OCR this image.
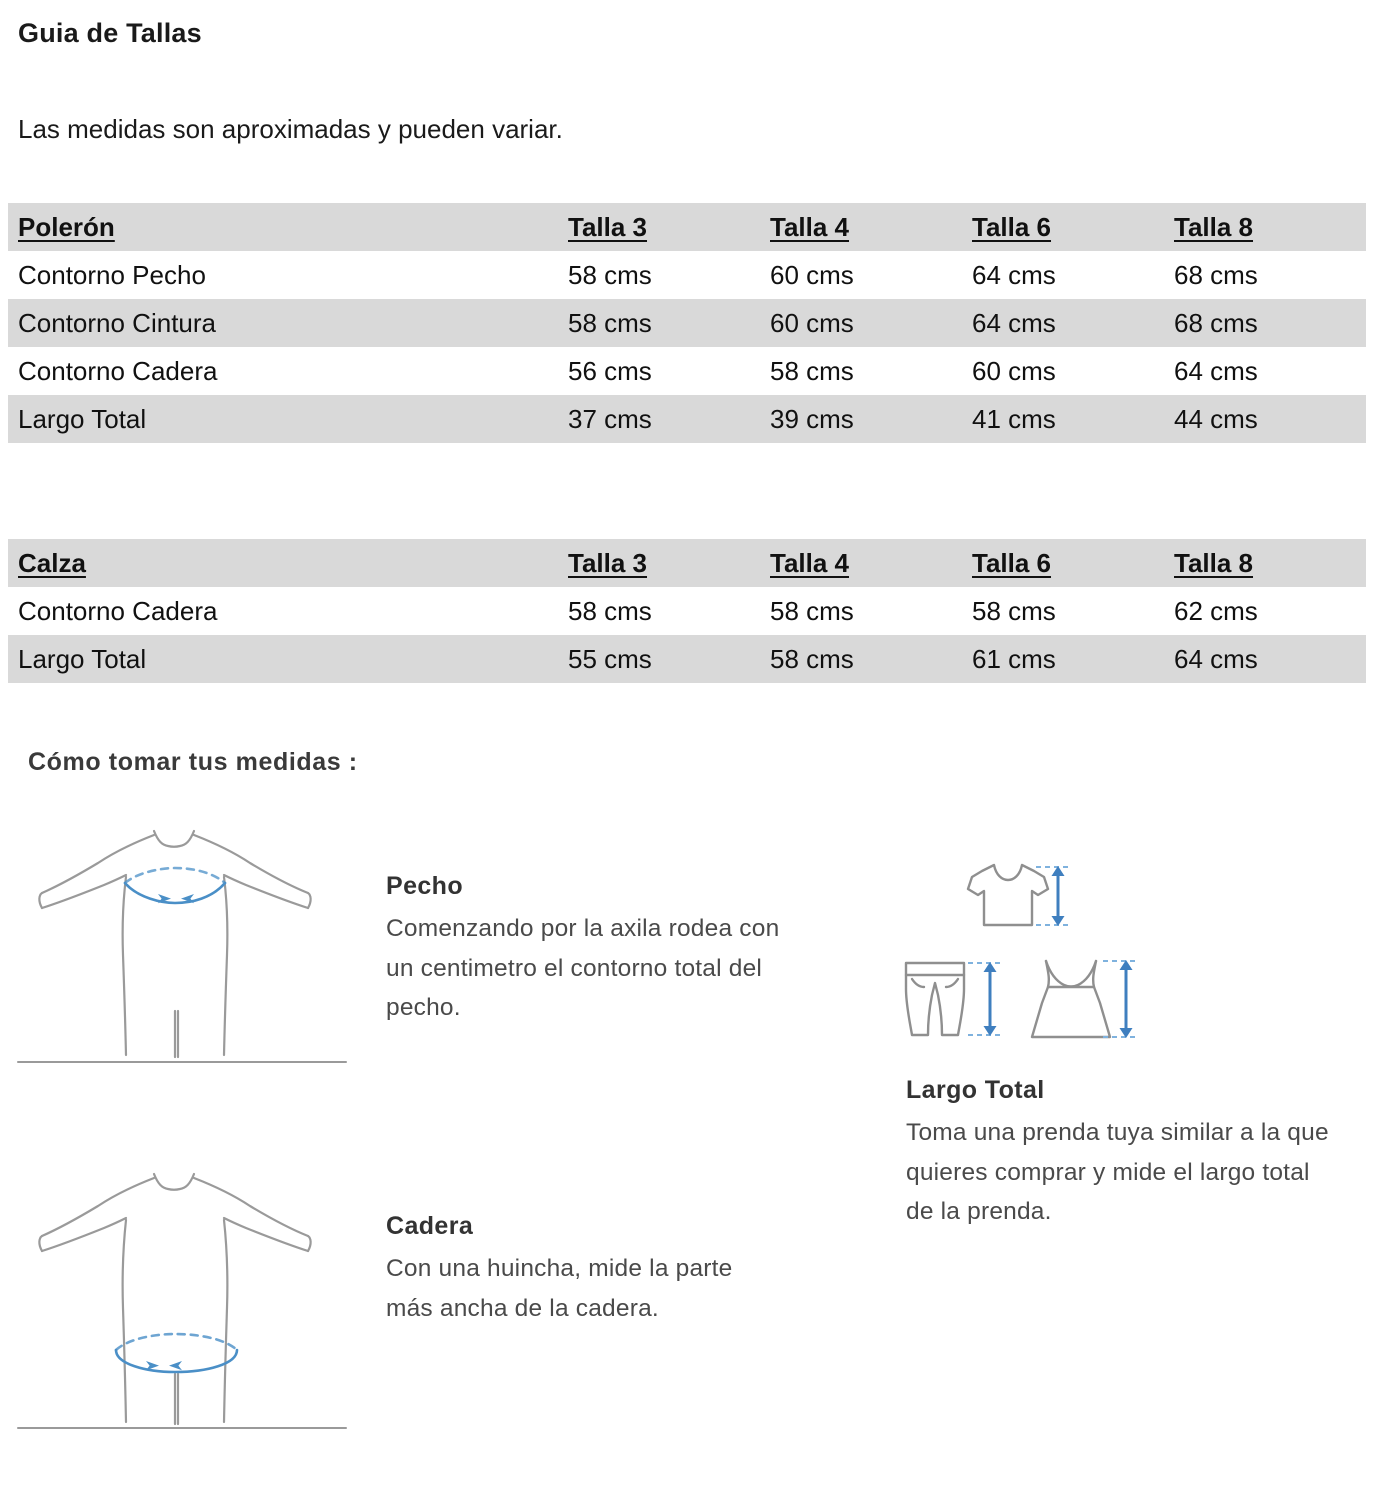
Guia de Tallas
Las medidas son aproximadas y pueden variar.
Polerón	Talla 3	Talla 4	Talla 6	Talla 8
Contorno Pecho	58 cms	60 cms	64 cms	68 cms
Contorno Cintura	58 cms	60 cms	64 cms	68 cms
Contorno Cadera	56 cms	58 cms	60 cms	64 cms
Largo Total	37 cms	39 cms	41 cms	44 cms
Calza	Talla 3	Talla 4	Talla 6	Talla 8
Contorno Cadera	58 cms	58 cms	58 cms	62 cms
Largo Total	55 cms	58 cms	61 cms	64 cms
Cómo tomar tus medidas :
Pecho
Comenzando por la axila rodea con un centimetro el contorno total del pecho.
Cadera
Con una huincha, mide la parte más ancha de la cadera.
Largo Total
Toma una prenda tuya similar a la que quieres comprar y mide el largo total de la prenda.
